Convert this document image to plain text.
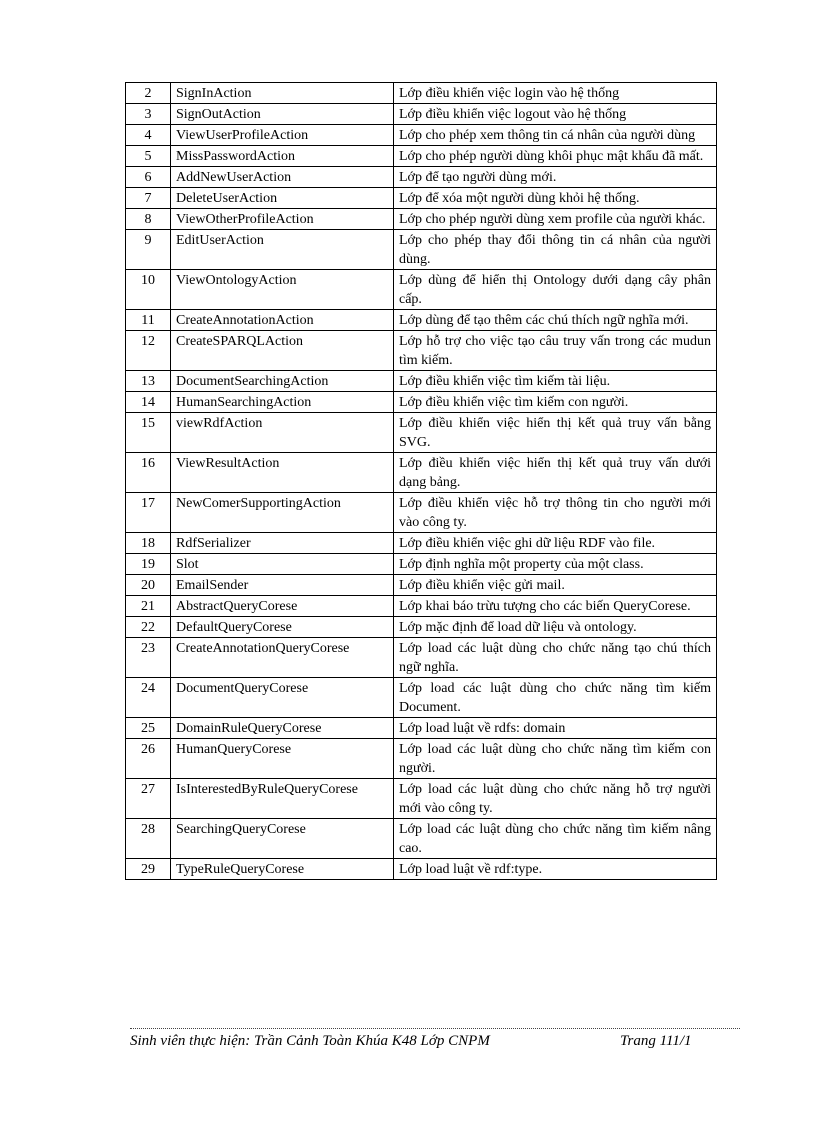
2	SignInAction	Lớp điều khiển việc login vào hệ thống
3	SignOutAction	Lớp điều khiển việc logout vào hệ thống
4	ViewUserProfileAction	Lớp cho phép xem thông tin cá nhân của người dùng
5	MissPasswordAction	Lớp cho phép người dùng khôi phục mật khẩu đã mất.
6	AddNewUserAction	Lớp để tạo người dùng mới.
7	DeleteUserAction	Lớp để xóa một người dùng khỏi hệ thống.
8	ViewOtherProfileAction	Lớp cho phép người dùng xem profile của người khác.
9	EditUserAction	Lớp cho phép thay đổi thông tin cá nhân của người dùng.
10	ViewOntologyAction	Lớp dùng để hiển thị Ontology dưới dạng cây phân cấp.
11	CreateAnnotationAction	Lớp dùng để tạo thêm các chú thích ngữ nghĩa mới.
12	CreateSPARQLAction	Lớp hỗ trợ cho việc tạo câu truy vấn trong các mudun tìm kiếm.
13	DocumentSearchingAction	Lớp điều khiển việc tìm kiếm tài liệu.
14	HumanSearchingAction	Lớp điều khiển việc tìm kiếm con người.
15	viewRdfAction	Lớp điều khiển việc hiển thị kết quả truy vấn bằng SVG.
16	ViewResultAction	Lớp điều khiển việc hiển thị kết quả truy vấn dưới dạng bảng.
17	NewComerSupportingAction	Lớp điều khiển việc hỗ trợ thông tin cho người mới vào công ty.
18	RdfSerializer	Lớp điều khiển việc ghi dữ liệu RDF vào file.
19	Slot	Lớp định nghĩa một property của một class.
20	EmailSender	Lớp điều khiển việc gửi mail.
21	AbstractQueryCorese	Lớp khai báo trừu tượng cho các biến QueryCorese.
22	DefaultQueryCorese	Lớp mặc định để load dữ liệu và ontology.
23	CreateAnnotationQueryCorese	Lớp load các luật dùng cho chức năng tạo chú thích ngữ nghĩa.
24	DocumentQueryCorese	Lớp load các luật dùng cho chức năng tìm kiếm Document.
25	DomainRuleQueryCorese	Lớp load luật về rdfs: domain
26	HumanQueryCorese	Lớp load các luật dùng cho chức năng tìm kiếm con người.
27	IsInterestedByRuleQueryCorese	Lớp load các luật dùng cho chức năng hỗ trợ người mới vào công ty.
28	SearchingQueryCorese	Lớp load các luật dùng cho chức năng tìm kiếm nâng cao.
29	TypeRuleQueryCorese	Lớp load luật về rdf:type.
Sinh viên thực hiện: Trần Cảnh Toàn Khúa K48 Lớp CNPM	Trang 111/1
